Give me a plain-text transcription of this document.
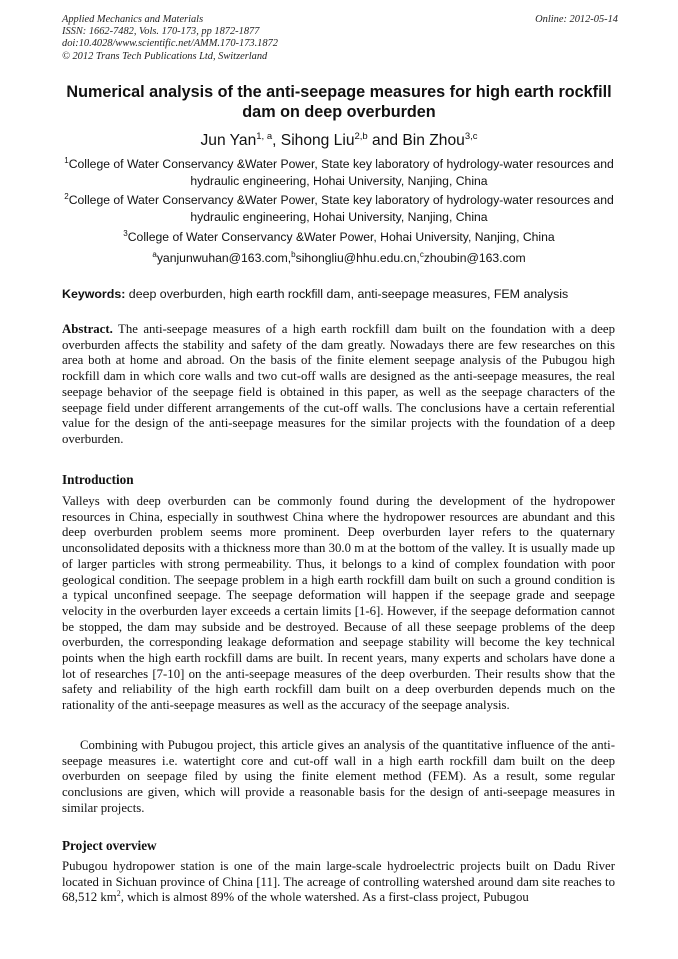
Applied Mechanics and Materials
ISSN: 1662-7482, Vols. 170-173, pp 1872-1877
doi:10.4028/www.scientific.net/AMM.170-173.1872
© 2012 Trans Tech Publications Ltd, Switzerland
Online: 2012-05-14
Numerical analysis of the anti-seepage measures for high earth rockfill dam on deep overburden
Jun Yan$^{1, a}$, Sihong Liu$^{2,b}$ and Bin Zhou$^{3,c}$
$^1$College of Water Conservancy &Water Power, State key laboratory of hydrology-water resources and hydraulic engineering, Hohai University, Nanjing, China
$^2$College of Water Conservancy &Water Power, State key laboratory of hydrology-water resources and hydraulic engineering, Hohai University, Nanjing, China
$^3$College of Water Conservancy &Water Power, Hohai University, Nanjing, China
$^a$yanjunwuhan@163.com,$^b$sihongliu@hhu.edu.cn,$^c$zhoubin@163.com
Keywords: deep overburden, high earth rockfill dam, anti-seepage measures, FEM analysis

Abstract. The anti-seepage measures of a high earth rockfill dam built on the foundation with a deep overburden affects the stability and safety of the dam greatly. Nowadays there are few researches on this area both at home and abroad. On the basis of the finite element seepage analysis of the Pubugou high rockfill dam in which core walls and two cut-off walls are designed as the anti-seepage measures, the real seepage behavior of the seepage field is obtained in this paper, as well as the seepage characters of the seepage field under different arrangements of the cut-off walls. The conclusions have a certain referential value for the design of the anti-seepage measures for the similar projects with the foundation of a deep overburden.

Introduction

Valleys with deep overburden can be commonly found during the development of the hydropower resources in China, especially in southwest China where the hydropower resources are abundant and this deep overburden problem seems more prominent. Deep overburden layer refers to the quaternary unconsolidated deposits with a thickness more than 30.0 m at the bottom of the valley. It is usually made up of larger particles with strong permeability. Thus, it belongs to a kind of complex foundation with poor geological condition. The seepage problem in a high earth rockfill dam built on such a ground condition is a typical unconfined seepage. The seepage deformation will happen if the seepage grade and seepage velocity in the overburden layer exceeds a certain limits [1-6]. However, if the seepage deformation cannot be stopped, the dam may subside and be destroyed. Because of all these seepage problems of the deep overburden, the corresponding leakage deformation and seepage stability will become the key technical points when the high earth rockfill dams are built. In recent years, many experts and scholars have done a lot of researches [7-10] on the anti-seepage measures of the deep overburden. Their results show that the safety and reliability of the high earth rockfill dam built on a deep overburden depends much on the rationality of the anti-seepage measures as well as the accuracy of the seepage analysis.

Combining with Pubugou project, this article gives an analysis of the quantitative influence of the anti-seepage measures i.e. watertight core and cut-off wall in a high earth rockfill dam built on the deep overburden on seepage filed by using the finite element method (FEM). As a result, some regular conclusions are given, which will provide a reasonable basis for the design of anti-seepage measures in similar projects.

Project overview

Pubugou hydropower station is one of the main large-scale hydroelectric projects built on Dadu River located in Sichuan province of China [11]. The acreage of controlling watershed around dam site reaches to 68,512 $km^2$, which is almost 89% of the whole watershed. As a first-class project, Pubugou
